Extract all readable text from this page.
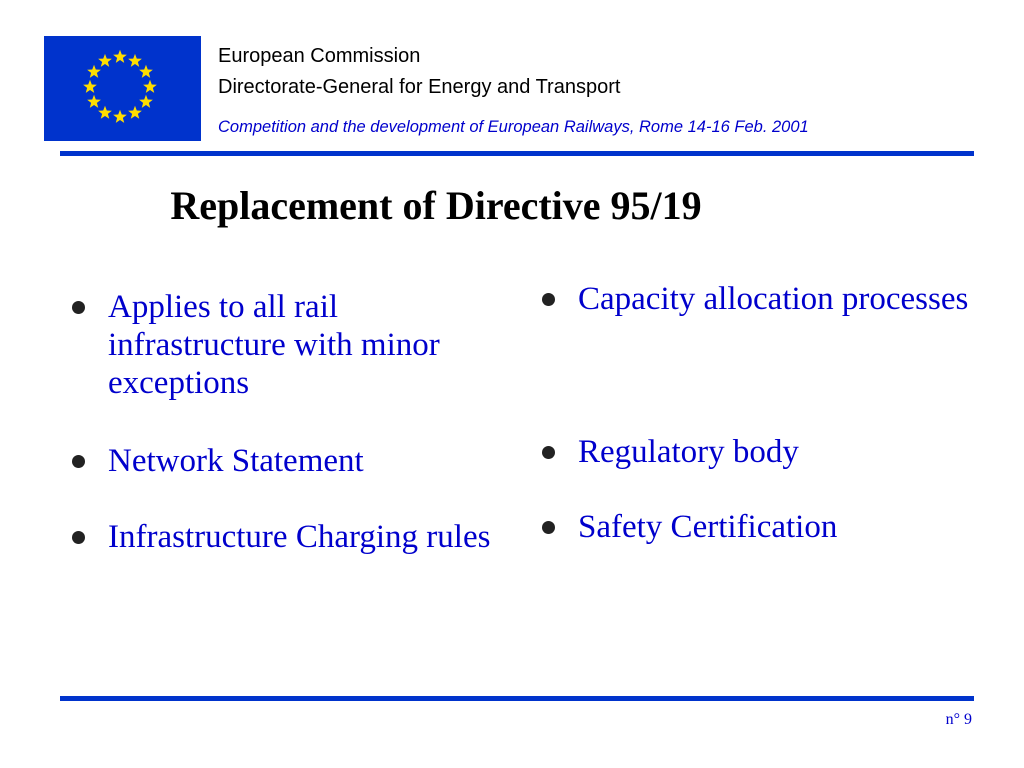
European Commission
Directorate-General for Energy and Transport
Competition and the development of European Railways, Rome 14-16 Feb. 2001
Replacement of Directive 95/19
Applies to all rail infrastructure with minor exceptions
Network Statement
Infrastructure Charging rules
Capacity allocation processes
Regulatory body
Safety Certification
n° 9
